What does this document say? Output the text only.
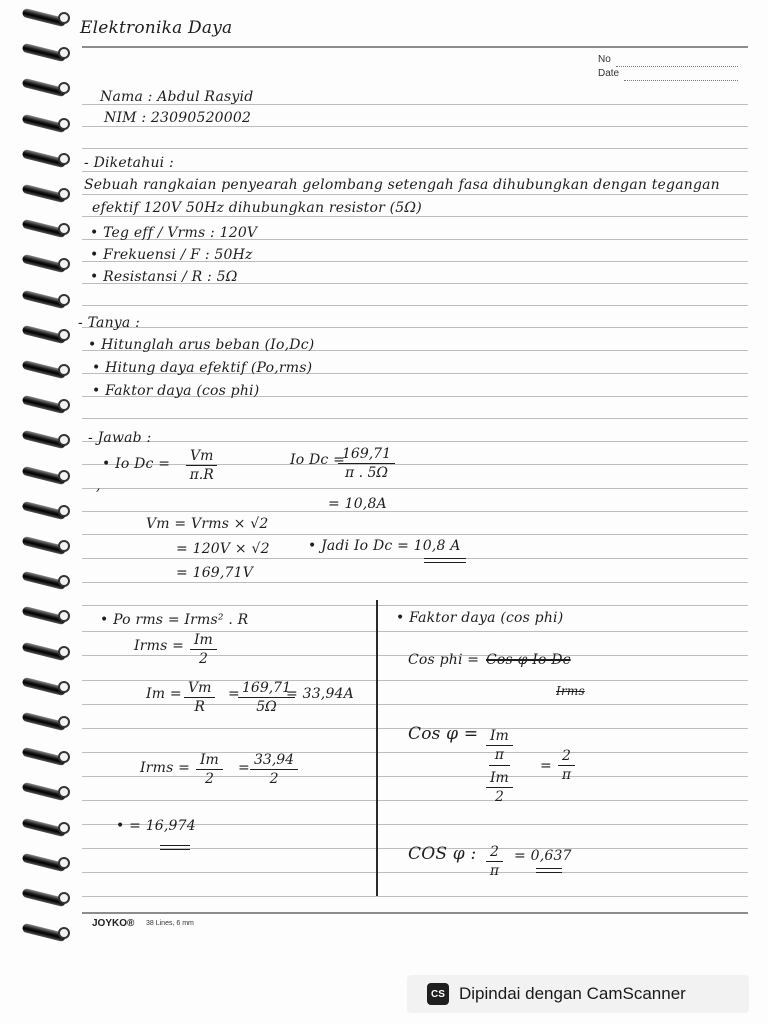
Elektronika Daya
No
Date
Nama : Abdul Rasyid
NIM : 23090520002
- Diketahui :
Sebuah rangkaian penyearah gelombang setengah fasa dihubungkan dengan tegangan
efektif 120V 50Hz dihubungkan resistor (5Ω)
• Teg eff / Vrms : 120V
• Frekuensi / F : 50Hz
• Resistansi / R : 5Ω
- Tanya :
• Hitunglah arus beban (Io,Dc)
• Hitung daya efektif (Po,rms)
• Faktor daya (cos phi)
- Jawab :
• Io $Dc = \frac{Vm}{\pi.R}$
,
Io Dc =
$\frac{169,71}{\pi . 5\Omega}$
= 10,8A
Vm = Vrms × √2
= 120V × √2
= 169,71V
• Jadi Io Dc = 10,8 A
• Po rms = Irms² . R
Irms = $\frac{Im}{2}$
$Im = \frac{Vm}{R}$ =
$\frac{169,71}{5\Omega}$
= 33,94A
Irms = $\frac{Im}{2} = \frac{33,94}{2}$
• = 16,974
• Faktor daya (cos phi)
Cos phi = Cos φ Io Dc
Irms
Cos $\varphi = \frac{Im}{\pi}$
$\frac{Im}{2}$
= $\frac{2}{\pi}$
COS φ : $\frac{2}{\pi} = 0,637$
JOYKO® 38 Lines, 6 mm
CS Dipindai dengan CamScanner
